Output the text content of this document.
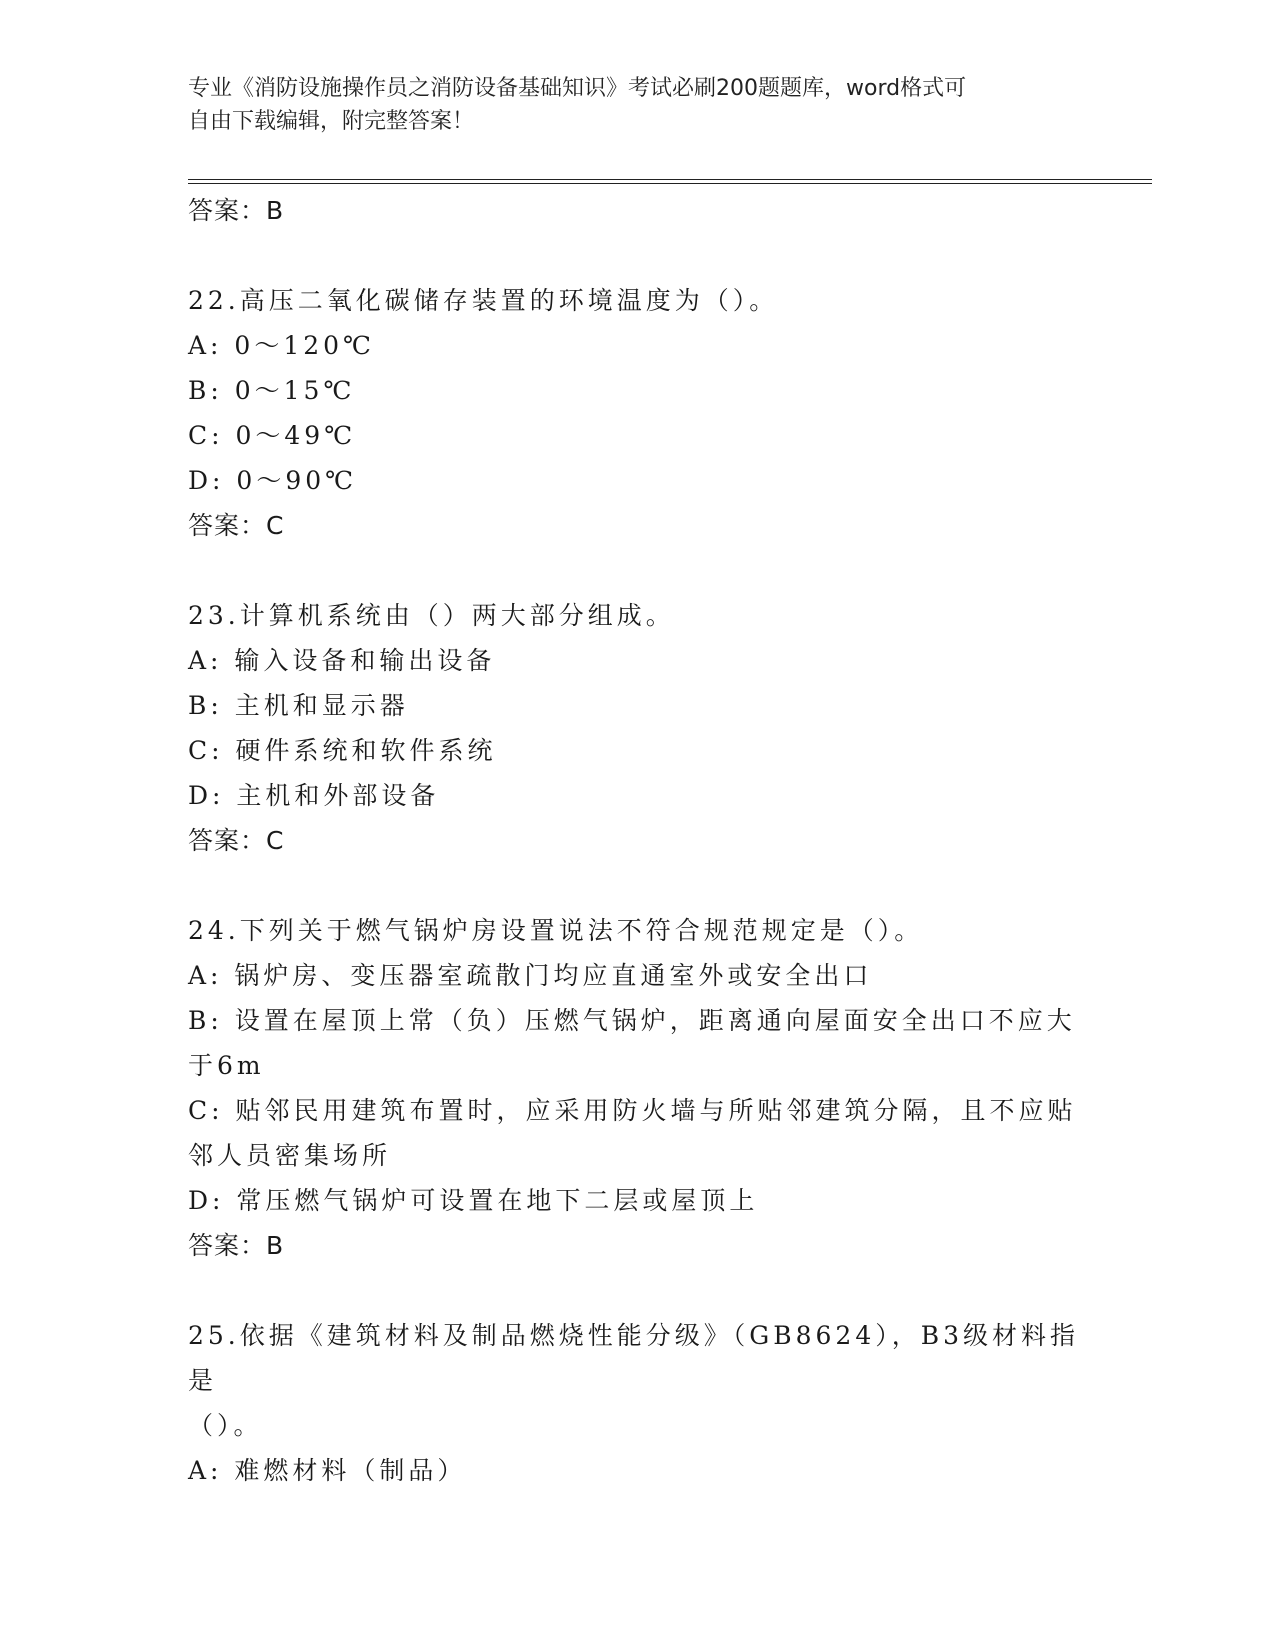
专业《消防设施操作员之消防设备基础知识》考试必刷200题题库，word格式可
自由下载编辑，附完整答案！
答案：B
22.高压二氧化碳储存装置的环境温度为（）。
A: 0～120℃
B: 0～15℃
C: 0～49℃
D: 0～90℃
答案：C
23.计算机系统由（）两大部分组成。
A: 输入设备和输出设备
B: 主机和显示器
C: 硬件系统和软件系统
D: 主机和外部设备
答案：C
24.下列关于燃气锅炉房设置说法不符合规范规定是（）。
A: 锅炉房、变压器室疏散门均应直通室外或安全出口
B: 设置在屋顶上常（负）压燃气锅炉，距离通向屋面安全出口不应大
于6m
C: 贴邻民用建筑布置时，应采用防火墙与所贴邻建筑分隔，且不应贴
邻人员密集场所
D: 常压燃气锅炉可设置在地下二层或屋顶上
答案：B
25.依据《建筑材料及制品燃烧性能分级》（GB8624），B3级材料指是
（）。
A: 难燃材料（制品）
